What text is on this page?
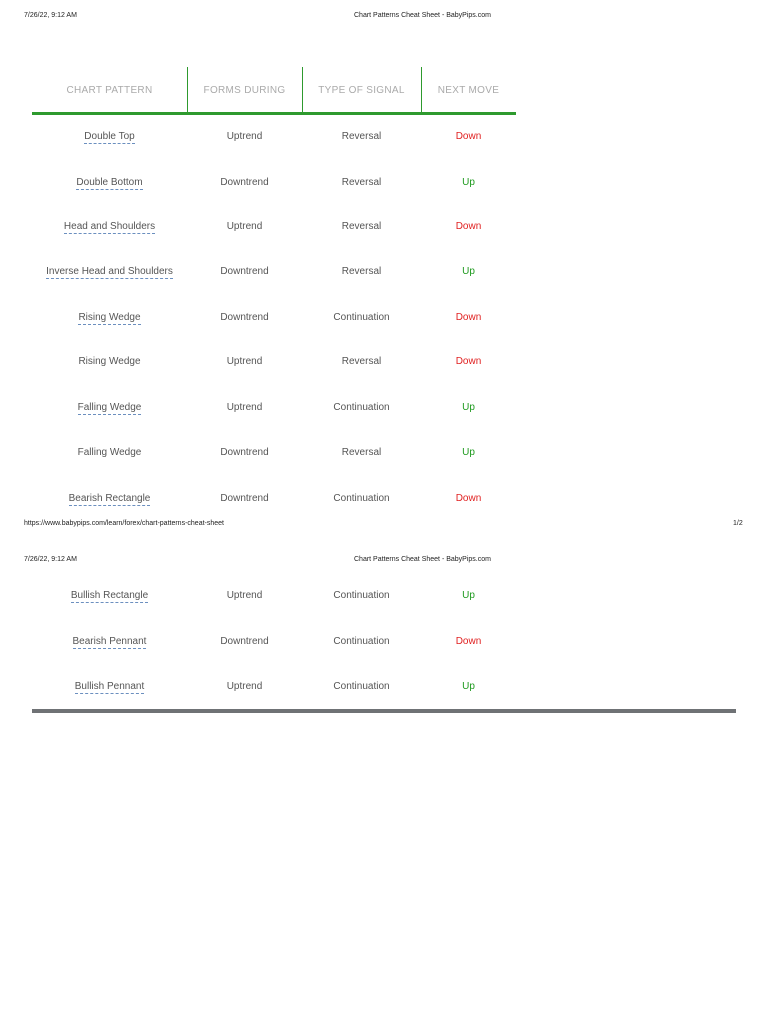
7/26/22, 9:12 AM	Chart Patterns Cheat Sheet - BabyPips.com
CHART PATTERN	FORMS DURING	TYPE OF SIGNAL	NEXT MOVE
Double Top	Uptrend	Reversal	Down
Double Bottom	Downtrend	Reversal	Up
Head and Shoulders	Uptrend	Reversal	Down
Inverse Head and Shoulders	Downtrend	Reversal	Up
Rising Wedge	Downtrend	Continuation	Down
Rising Wedge	Uptrend	Reversal	Down
Falling Wedge	Uptrend	Continuation	Up
Falling Wedge	Downtrend	Reversal	Up
Bearish Rectangle	Downtrend	Continuation	Down
https://www.babypips.com/learn/forex/chart-patterns-cheat-sheet	1/2
7/26/22, 9:12 AM	Chart Patterns Cheat Sheet - BabyPips.com
Bullish Rectangle	Uptrend	Continuation	Up
Bearish Pennant	Downtrend	Continuation	Down
Bullish Pennant	Uptrend	Continuation	Up
